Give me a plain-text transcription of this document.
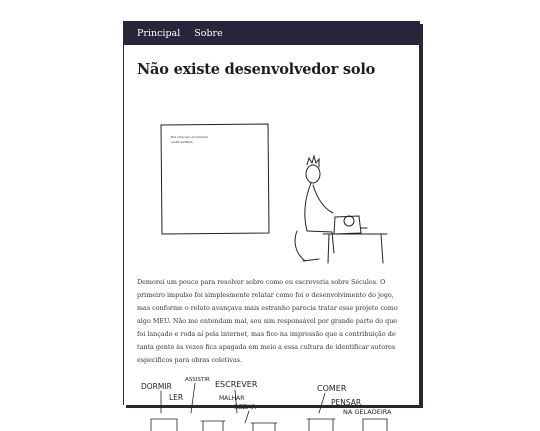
Principal Sobre
Não existe desenvolvedor solo
Era uma vez um homem
muito solitário

Demorei um pouco para resolver sobre como eu escreveria sobre Séculos. O primeiro impulso foi simplesmente relatar como foi o desenvolvimento do jogo, mas conforme o relato avançava mais estranho parecia tratar esse projeto como algo MEU. Não me entendam mal, sou sim responsável por grande parte do que foi lançado e roda aí pela internet, mas fico na impressão que a contribuição de tanta gente às vezes fica apagada em meio a essa cultura de identificar autores específicos para obras coletivas.

DORMIR
LER
ASSISTIR ESCREVER
MALHAR
REZAR
COMER
PENSAR
NA GELADEIRA
